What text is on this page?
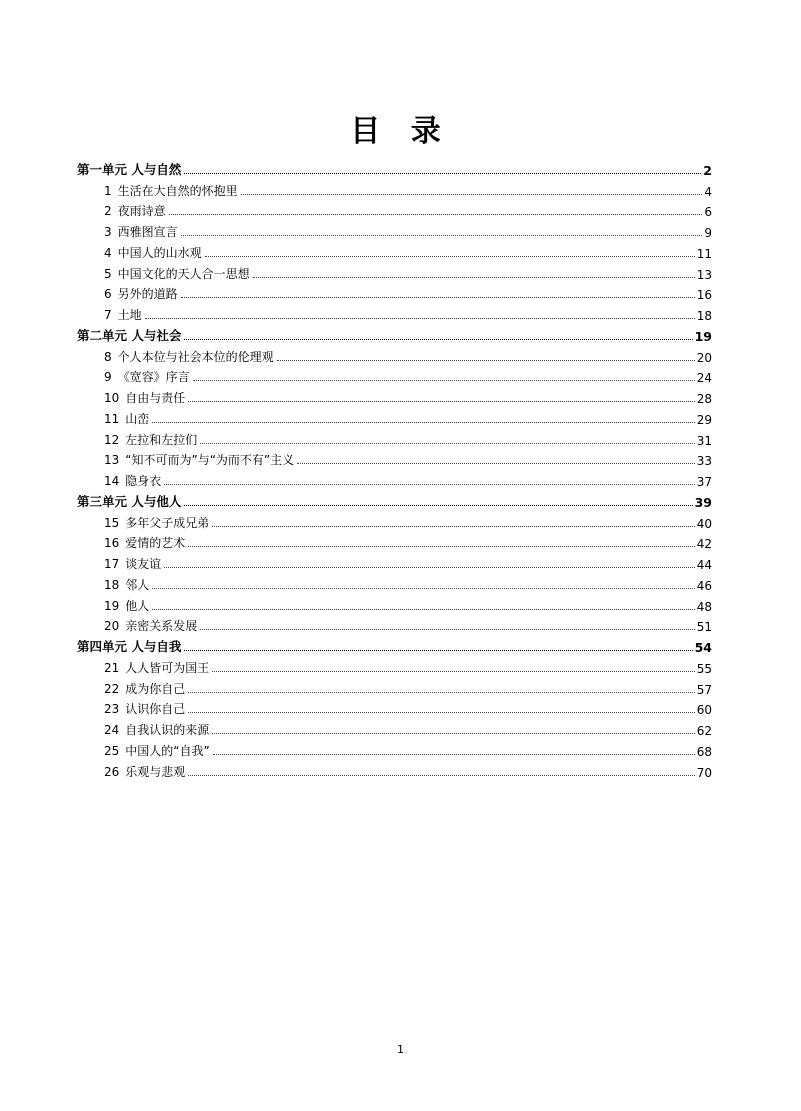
目 录
第一单元 人与自然	2
1 生活在大自然的怀抱里	4
2 夜雨诗意	6
3 西雅图宣言	9
4 中国人的山水观	11
5 中国文化的天人合一思想	13
6 另外的道路	16
7 土地	18
第二单元 人与社会	19
8 个人本位与社会本位的伦理观	20
9 《宽容》序言	24
10 自由与责任	28
11 山峦	29
12 左拉和左拉们	31
13 “知不可而为”与“为而不有”主义	33
14 隐身衣	37
第三单元 人与他人	39
15 多年父子成兄弟	40
16 爱情的艺术	42
17 谈友谊	44
18 邻人	46
19 他人	48
20 亲密关系发展	51
第四单元 人与自我	54
21 人人皆可为国王	55
22 成为你自己	57
23 认识你自己	60
24 自我认识的来源	62
25 中国人的“自我”	68
26 乐观与悲观	70
1
